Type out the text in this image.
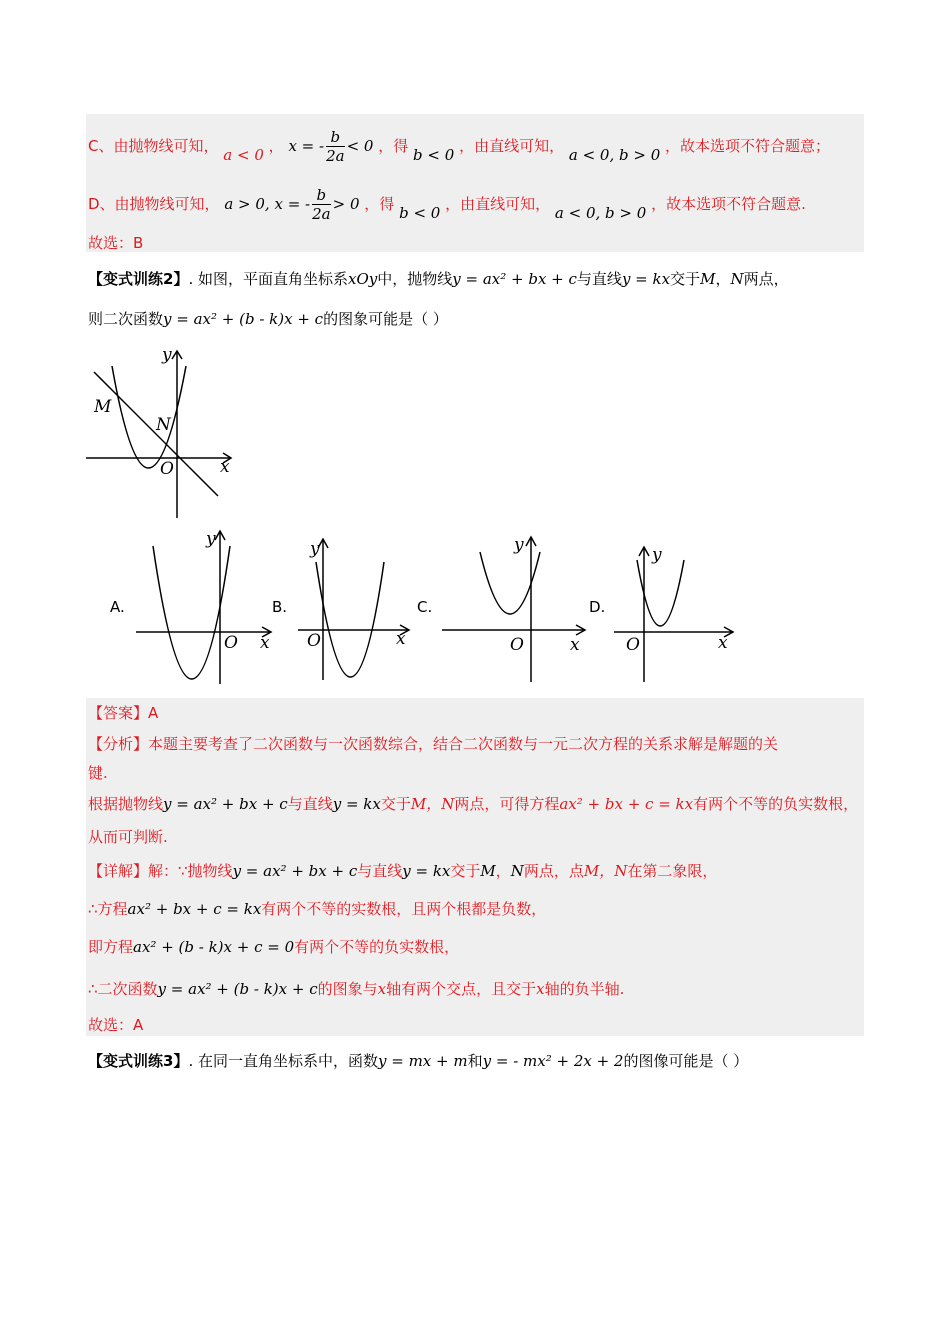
C、由抛物线可知， a < 0 ， x = - $\frac{b}{2a} < 0$ ，得 b < 0 ，由直线可知， a < 0, b > 0 ，故本选项不符合题意；
D、由抛物线可知， a > 0, x = - $\frac{b}{2a} > 0$ ，得 b < 0 ，由直线可知， a < 0, b > 0 ，故本选项不符合题意.
故选：B
【变式训练2】. 如图，平面直角坐标系xOy中，抛物线y = ax² + bx + c与直线y = kx交于M，N两点，
则二次函数y = ax² + (b - k)x + c的图象可能是（ ）
y
x
O
M
N
A.
y
x
O
B.
y
x
O
C.
y
x
O
D.
y
x
O
【答案】A
【分析】本题主要考查了二次函数与一次函数综合，结合二次函数与一元二次方程的关系求解是解题的关
键.
根据抛物线y = ax² + bx + c与直线y = kx交于M，N两点，可得方程ax² + bx + c = kx有两个不等的负实数根，
从而可判断.
【详解】解：∵抛物线y = ax² + bx + c与直线y = kx交于M，N两点，点M，N在第二象限，
∴方程ax² + bx + c = kx有两个不等的实数根，且两个根都是负数，
即方程ax² + (b - k)x + c = 0有两个不等的负实数根，
∴二次函数y = ax² + (b - k)x + c的图象与x轴有两个交点，且交于x轴的负半轴.
故选：A
【变式训练3】. 在同一直角坐标系中，函数y = mx + m和y = - mx² + 2x + 2的图像可能是（ ）
